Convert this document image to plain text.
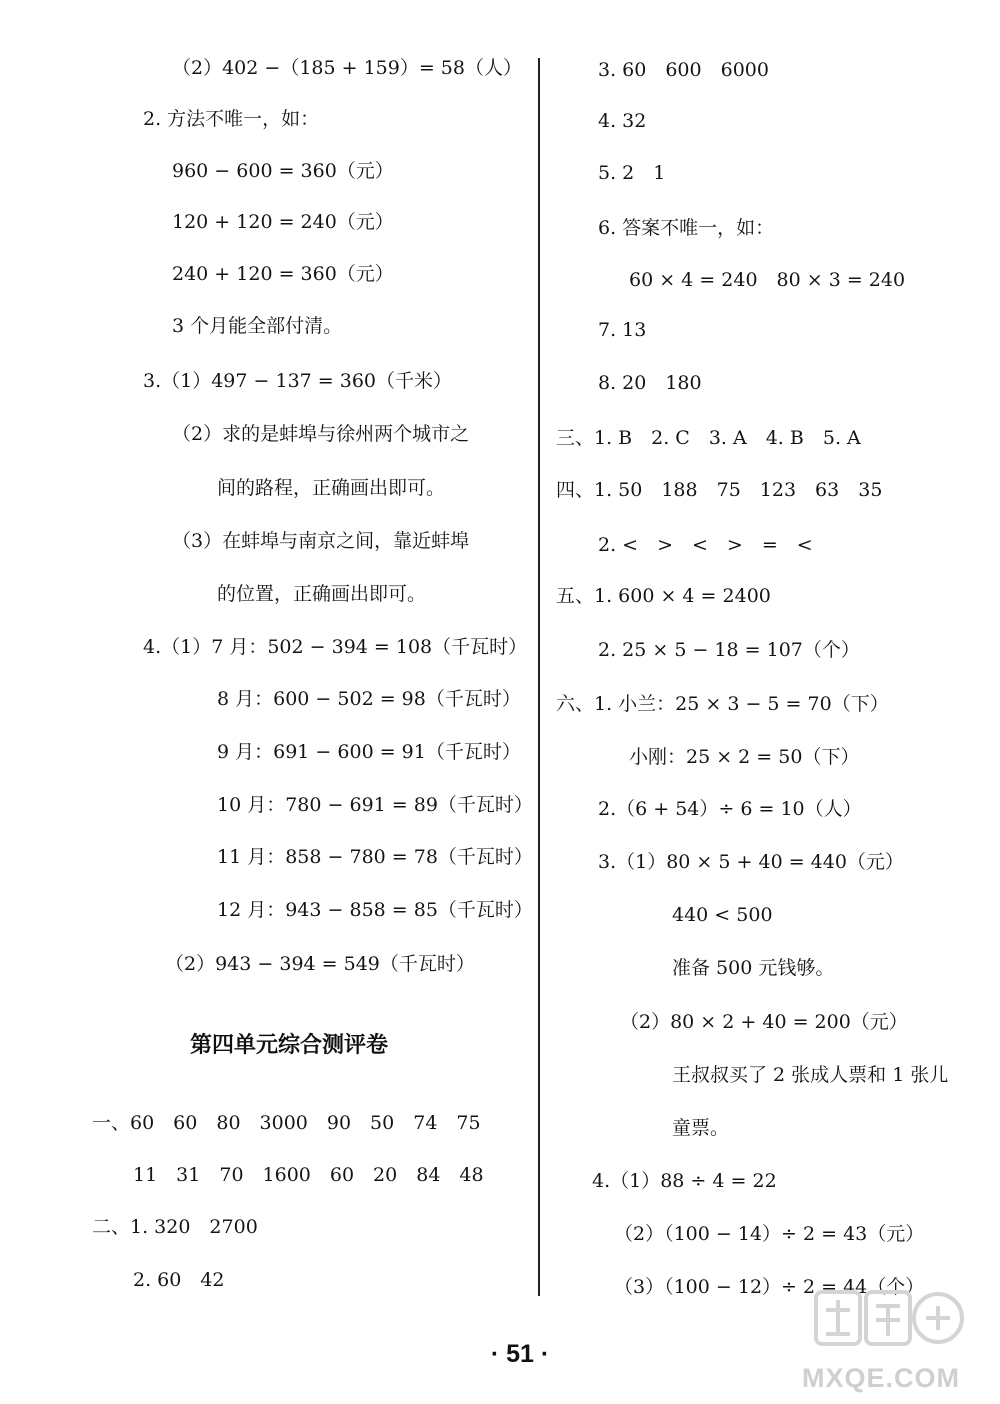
（2）402 −（185 + 159）= 58（人）
2. 方法不唯一，如：
960 − 600 = 360（元）
120 + 120 = 240（元）
240 + 120 = 360（元）
3 个月能全部付清。
3.（1）497 − 137 = 360（千米）
（2）求的是蚌埠与徐州两个城市之
间的路程，正确画出即可。
（3）在蚌埠与南京之间，靠近蚌埠
的位置，正确画出即可。
4.（1）7 月：502 − 394 = 108（千瓦时）
8 月：600 − 502 = 98（千瓦时）
9 月：691 − 600 = 91（千瓦时）
10 月：780 − 691 = 89（千瓦时）
11 月：858 − 780 = 78（千瓦时）
12 月：943 − 858 = 85（千瓦时）
（2）943 − 394 = 549（千瓦时）
第四单元综合测评卷
一、60　60　80　3000　90　50　74　75
11　31　70　1600　60　20　84　48
二、1. 320　2700
2. 60　42
3. 60　600　6000
4. 32
5. 2　1
6. 答案不唯一，如：
60 × 4 = 240　80 × 3 = 240
7. 13
8. 20　180
三、1. B　2. C　3. A　4. B　5. A
四、1. 50　188　75　123　63　35
2. <　>　<　>　=　<
五、1. 600 × 4 = 2400
2. 25 × 5 − 18 = 107（个）
六、1. 小兰：25 × 3 − 5 = 70（下）
小刚：25 × 2 = 50（下）
2.（6 + 54）÷ 6 = 10（人）
3.（1）80 × 5 + 40 = 440（元）
440 < 500
准备 500 元钱够。
（2）80 × 2 + 40 = 200（元）
王叔叔买了 2 张成人票和 1 张儿
童票。
4.（1）88 ÷ 4 = 22
（2）（100 − 14）÷ 2 = 43（元）
（3）（100 − 12）÷ 2 = 44（个）
· 51 ·
MXQE.COM
